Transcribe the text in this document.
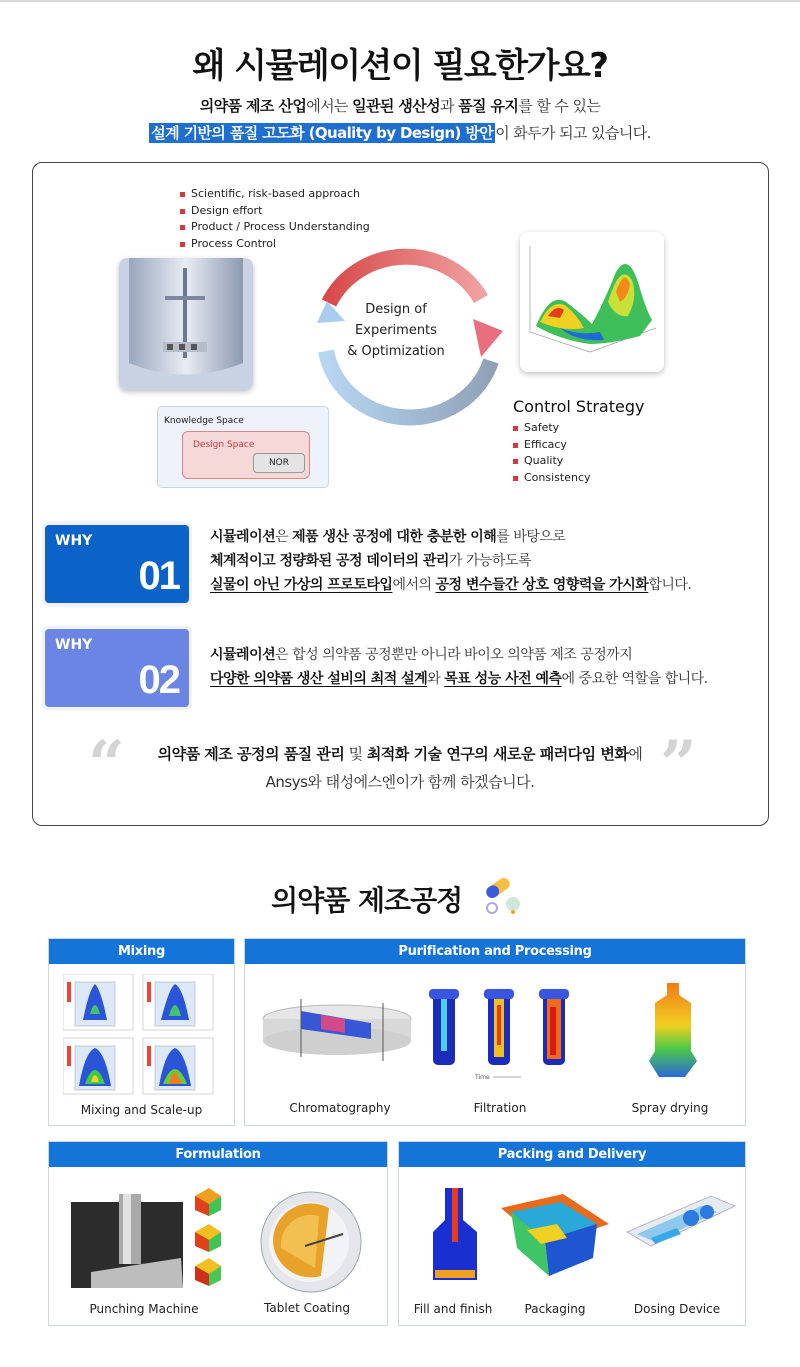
왜 시뮬레이션이 필요한가요?
의약품 제조 산업에서는 일관된 생산성과 품질 유지를 할 수 있는
설계 기반의 품질 고도화 (Quality by Design) 방안 이 화두가 되고 있습니다.
Scientific, risk-based approach
Design effort
Product / Process Understanding
Process Control
Design of
Experiments
& Optimization
Knowledge Space
Design Space
NOR
Control Strategy
Safety
Efficacy
Quality
Consistency
WHY
01
시뮬레이션은 제품 생산 공정에 대한 충분한 이해를 바탕으로
체계적이고 정량화된 공정 데이터의 관리가 가능하도록
실물이 아닌 가상의 프로토타입에서의 공정 변수들간 상호 영향력을 가시화합니다.
WHY
02
시뮬레이션은 합성 의약품 공정뿐만 아니라 바이오 의약품 제조 공정까지
다양한 의약품 생산 설비의 최적 설계와 목표 성능 사전 예측에 중요한 역할을 합니다.
“	”
의약품 제조 공정의 품질 관리 및 최적화 기술 연구의 새로운 패러다임 변화에
Ansys와 태성에스엔이가 함께 하겠습니다.
의약품 제조공정
Mixing
Mixing and Scale-up
Purification and Processing
Time
Chromatography	Filtration	Spray drying
Formulation
Punching Machine	Tablet Coating
Packing and Delivery
Fill and finish	Packaging	Dosing Device
